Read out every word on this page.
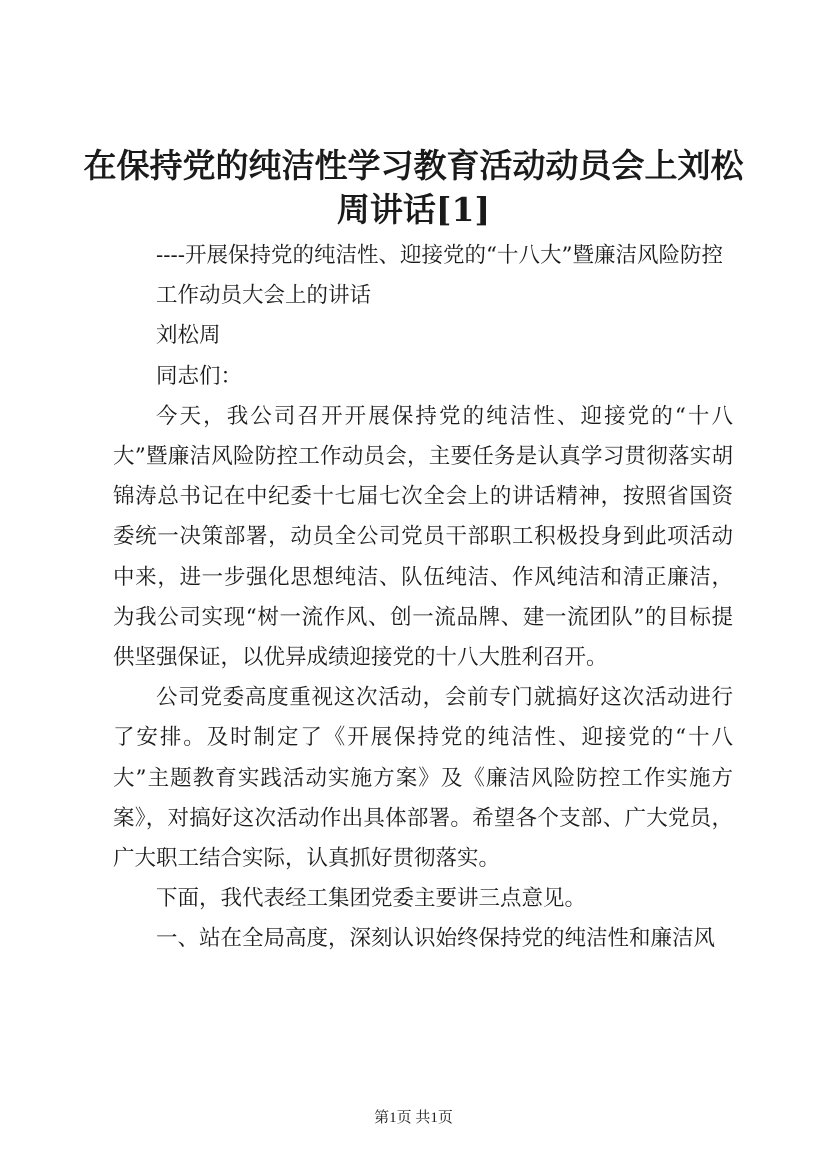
在保持党的纯洁性学习教育活动动员会上刘松周讲话[1]

----开展保持党的纯洁性、迎接党的“十八大”暨廉洁风险防控

工作动员大会上的讲话

刘松周

同志们：

今天，我公司召开开展保持党的纯洁性、迎接党的“十八大”暨廉洁风险防控工作动员会，主要任务是认真学习贯彻落实胡锦涛总书记在中纪委十七届七次全会上的讲话精神，按照省国资委统一决策部署，动员全公司党员干部职工积极投身到此项活动中来，进一步强化思想纯洁、队伍纯洁、作风纯洁和清正廉洁，为我公司实现“树一流作风、创一流品牌、建一流团队”的目标提供坚强保证，以优异成绩迎接党的十八大胜利召开。

公司党委高度重视这次活动，会前专门就搞好这次活动进行了安排。及时制定了《开展保持党的纯洁性、迎接党的“十八大”主题教育实践活动实施方案》及《廉洁风险防控工作实施方案》，对搞好这次活动作出具体部署。希望各个支部、广大党员，广大职工结合实际，认真抓好贯彻落实。

下面，我代表经工集团党委主要讲三点意见。

一、站在全局高度，深刻认识始终保持党的纯洁性和廉洁风

第1页 共1页
